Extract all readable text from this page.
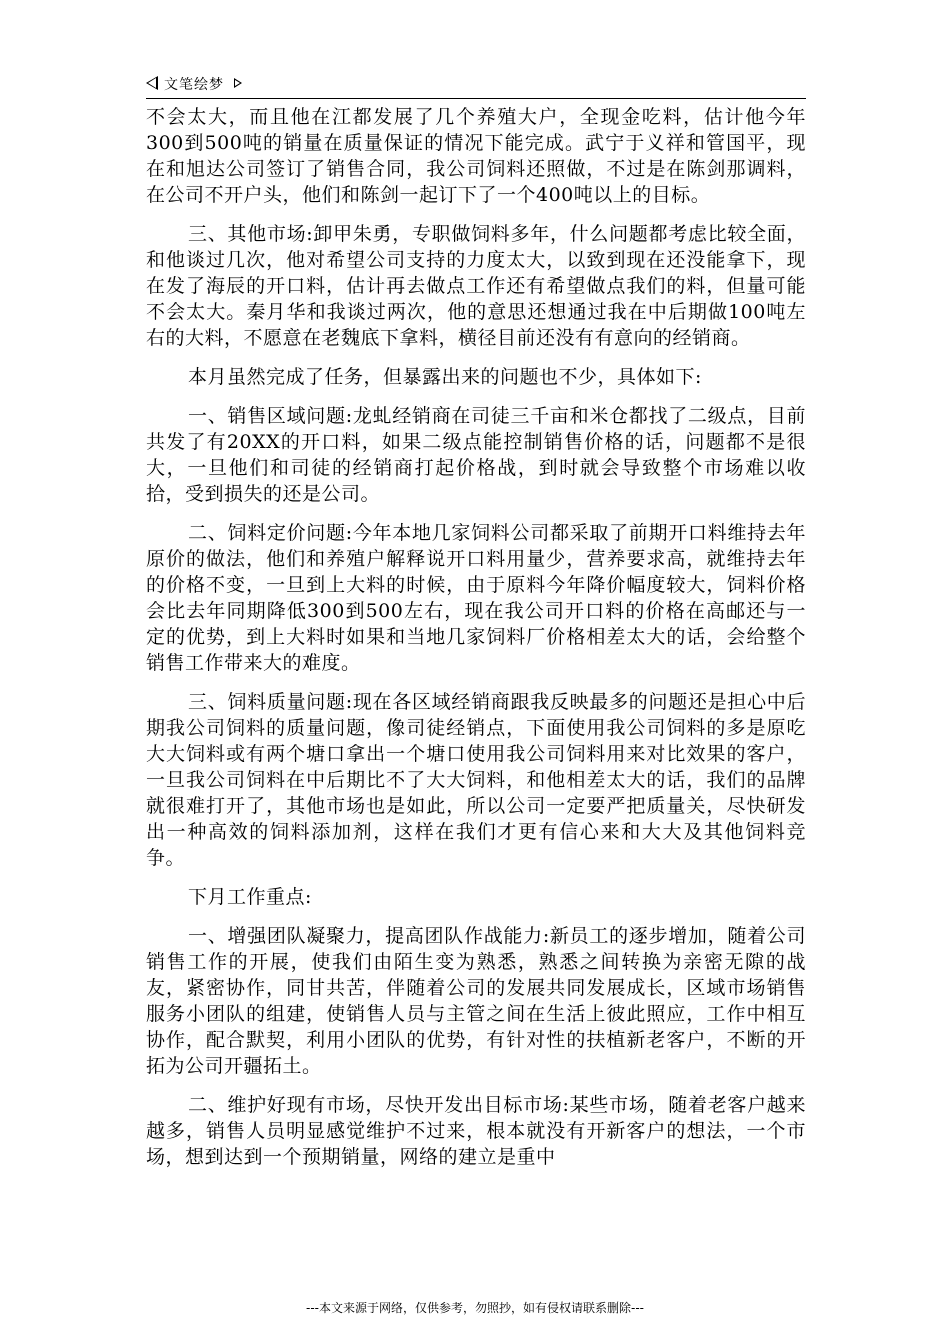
文笔绘梦

不会太大，而且他在江都发展了几个养殖大户，全现金吃料，估计他今年300到500吨的销量在质量保证的情况下能完成。武宁于义祥和管国平，现在和旭达公司签订了销售合同，我公司饲料还照做，不过是在陈剑那调料，在公司不开户头，他们和陈剑一起订下了一个400吨以上的目标。

三、其他市场:卸甲朱勇，专职做饲料多年，什么问题都考虑比较全面，和他谈过几次，他对希望公司支持的力度太大，以致到现在还没能拿下，现在发了海辰的开口料，估计再去做点工作还有希望做点我们的料，但量可能不会太大。秦月华和我谈过两次，他的意思还想通过我在中后期做100吨左右的大料，不愿意在老魏底下拿料，横径目前还没有有意向的经销商。

本月虽然完成了任务，但暴露出来的问题也不少，具体如下:

一、销售区域问题:龙虬经销商在司徒三千亩和米仓都找了二级点，目前共发了有20XX的开口料，如果二级点能控制销售价格的话，问题都不是很大，一旦他们和司徒的经销商打起价格战，到时就会导致整个市场难以收拾，受到损失的还是公司。

二、饲料定价问题:今年本地几家饲料公司都采取了前期开口料维持去年原价的做法，他们和养殖户解释说开口料用量少，营养要求高，就维持去年的价格不变，一旦到上大料的时候，由于原料今年降价幅度较大，饲料价格会比去年同期降低300到500左右，现在我公司开口料的价格在高邮还与一定的优势，到上大料时如果和当地几家饲料厂价格相差太大的话，会给整个销售工作带来大的难度。

三、饲料质量问题:现在各区域经销商跟我反映最多的问题还是担心中后期我公司饲料的质量问题，像司徒经销点，下面使用我公司饲料的多是原吃大大饲料或有两个塘口拿出一个塘口使用我公司饲料用来对比效果的客户，一旦我公司饲料在中后期比不了大大饲料，和他相差太大的话，我们的品牌就很难打开了，其他市场也是如此，所以公司一定要严把质量关，尽快研发出一种高效的饲料添加剂，这样在我们才更有信心来和大大及其他饲料竞争。

下月工作重点:

一、增强团队凝聚力，提高团队作战能力:新员工的逐步增加，随着公司销售工作的开展，使我们由陌生变为熟悉，熟悉之间转换为亲密无隙的战友，紧密协作，同甘共苦，伴随着公司的发展共同发展成长，区域市场销售服务小团队的组建，使销售人员与主管之间在生活上彼此照应，工作中相互协作，配合默契，利用小团队的优势，有针对性的扶植新老客户，不断的开拓为公司开疆拓土。

二、维护好现有市场，尽快开发出目标市场:某些市场，随着老客户越来越多，销售人员明显感觉维护不过来，根本就没有开新客户的想法，一个市场，想到达到一个预期销量，网络的建立是重中

---本文来源于网络，仅供参考，勿照抄，如有侵权请联系删除---
